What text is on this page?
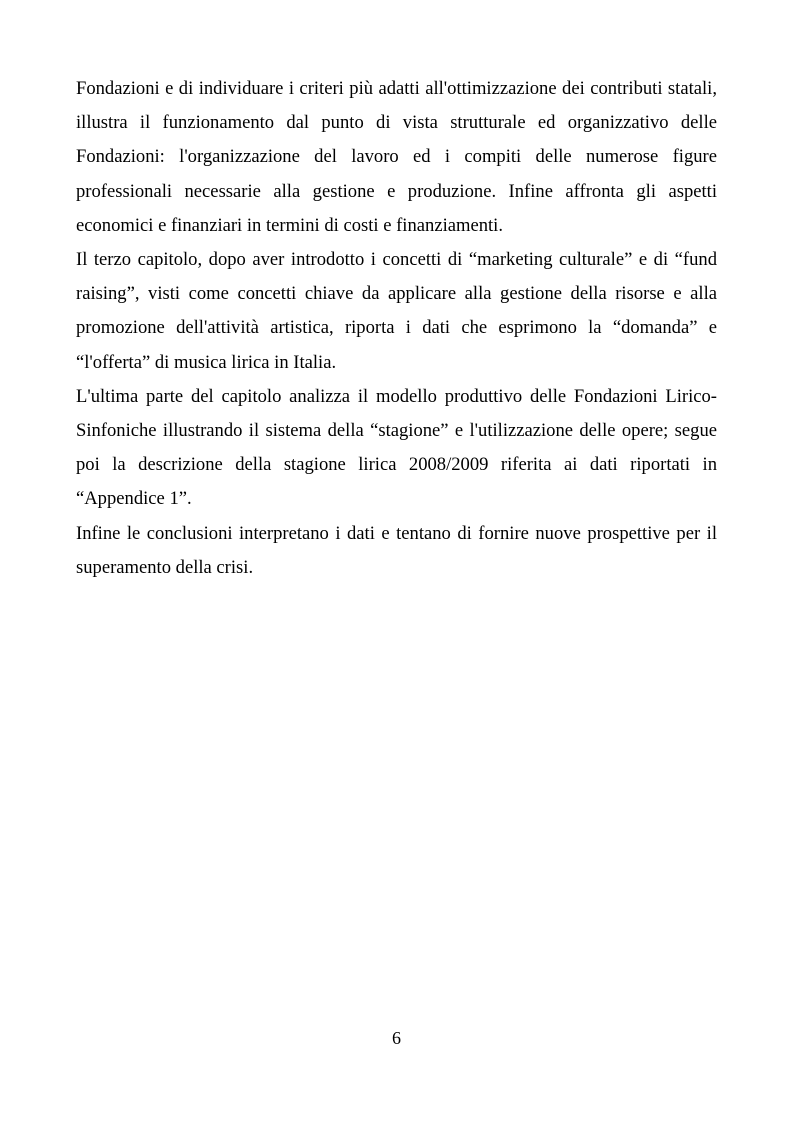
Fondazioni e di individuare i criteri più adatti all'ottimizzazione dei contributi statali, illustra il funzionamento dal punto di vista strutturale ed organizzativo delle Fondazioni: l'organizzazione del lavoro ed i compiti delle numerose figure professionali necessarie alla gestione e produzione. Infine affronta gli aspetti economici e finanziari in termini di costi e finanziamenti.

Il terzo capitolo, dopo aver introdotto i concetti di “marketing culturale” e di “fund raising”, visti come concetti chiave da applicare alla gestione della risorse e alla promozione dell'attività artistica, riporta i dati che esprimono la “domanda” e “l'offerta” di musica lirica in Italia.

L'ultima parte del capitolo analizza il modello produttivo delle Fondazioni Lirico-Sinfoniche illustrando il sistema della “stagione” e l'utilizzazione delle opere; segue poi la descrizione della stagione lirica 2008/2009 riferita ai dati riportati in “Appendice 1”.

Infine le conclusioni interpretano i dati e tentano di fornire nuove prospettive per il superamento della crisi.

6
